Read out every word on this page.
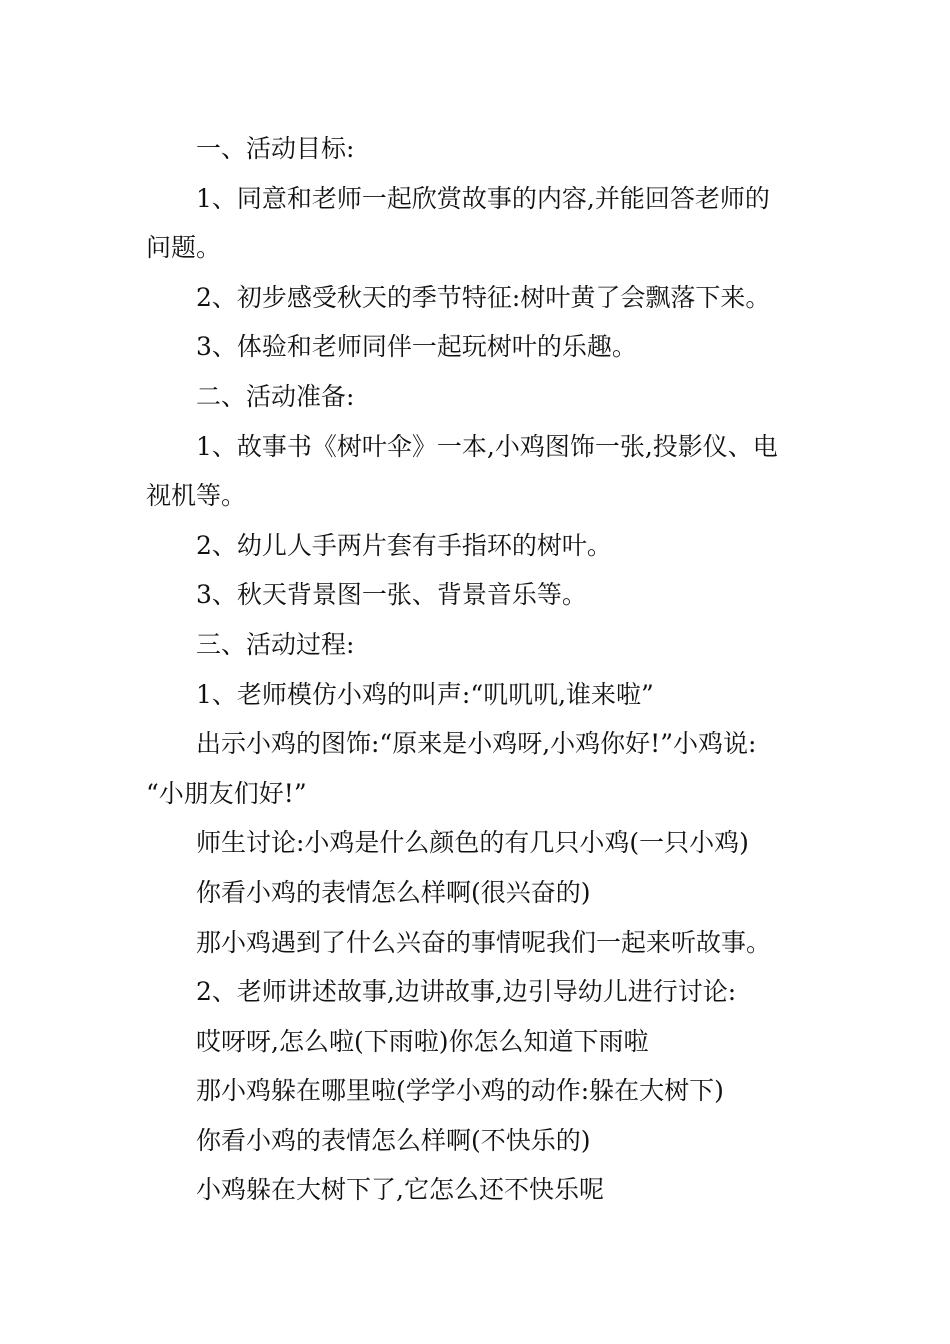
一、活动目标:
1、同意和老师一起欣赏故事的内容,并能回答老师的
问题。
2、初步感受秋天的季节特征:树叶黄了会飘落下来。
3、体验和老师同伴一起玩树叶的乐趣。
二、活动准备:
1、故事书《树叶伞》一本,小鸡图饰一张,投影仪、电
视机等。
2、幼儿人手两片套有手指环的树叶。
3、秋天背景图一张、背景音乐等。
三、活动过程:
1、老师模仿小鸡的叫声:“叽叽叽,谁来啦”
出示小鸡的图饰:“原来是小鸡呀,小鸡你好!”小鸡说:
“小朋友们好!”
师生讨论:小鸡是什么颜色的有几只小鸡(一只小鸡)
你看小鸡的表情怎么样啊(很兴奋的)
那小鸡遇到了什么兴奋的事情呢我们一起来听故事。
2、老师讲述故事,边讲故事,边引导幼儿进行讨论:
哎呀呀,怎么啦(下雨啦)你怎么知道下雨啦
那小鸡躲在哪里啦(学学小鸡的动作:躲在大树下)
你看小鸡的表情怎么样啊(不快乐的)
小鸡躲在大树下了,它怎么还不快乐呢
